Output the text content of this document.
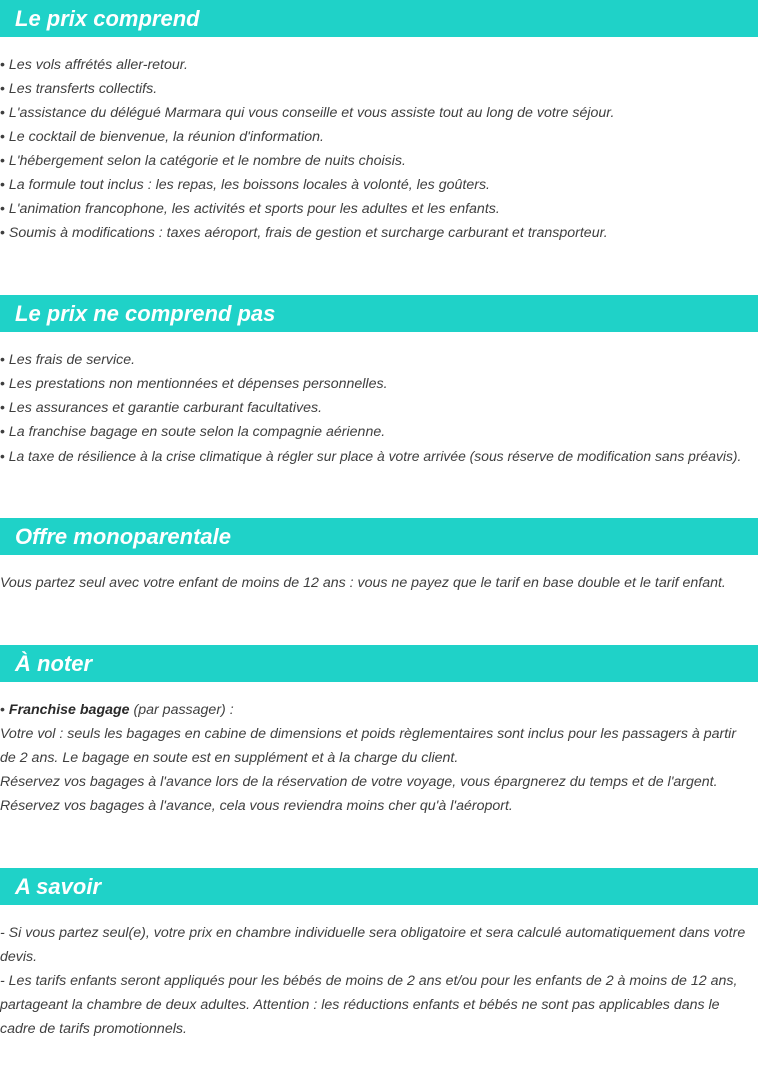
Le prix comprend
• Les vols affrétés aller-retour.
• Les transferts collectifs.
• L'assistance du délégué Marmara qui vous conseille et vous assiste tout au long de votre séjour.
• Le cocktail de bienvenue, la réunion d'information.
• L'hébergement selon la catégorie et le nombre de nuits choisis.
• La formule tout inclus : les repas, les boissons locales à volonté, les goûters.
• L'animation francophone, les activités et sports pour les adultes et les enfants.
• Soumis à modifications : taxes aéroport, frais de gestion et surcharge carburant et transporteur.
Le prix ne comprend pas
• Les frais de service.
• Les prestations non mentionnées et dépenses personnelles.
• Les assurances et garantie carburant facultatives.
• La franchise bagage en soute selon la compagnie aérienne.
• La taxe de résilience à la crise climatique à régler sur place à votre arrivée (sous réserve de modification sans préavis).
Offre monoparentale
Vous partez seul avec votre enfant de moins de 12 ans : vous ne payez que le tarif en base double et le tarif enfant.
À noter
• Franchise bagage (par passager) :
Votre vol : seuls les bagages en cabine de dimensions et poids règlementaires sont inclus pour les passagers à partir de 2 ans. Le bagage en soute est en supplément et à la charge du client.
Réservez vos bagages à l'avance lors de la réservation de votre voyage, vous épargnerez du temps et de l'argent.
Réservez vos bagages à l'avance, cela vous reviendra moins cher qu'à l'aéroport.
A savoir
- Si vous partez seul(e), votre prix en chambre individuelle sera obligatoire et sera calculé automatiquement dans votre devis.
- Les tarifs enfants seront appliqués pour les bébés de moins de 2 ans et/ou pour les enfants de 2 à moins de 12 ans, partageant la chambre de deux adultes. Attention : les réductions enfants et bébés ne sont pas applicables dans le cadre de tarifs promotionnels.
